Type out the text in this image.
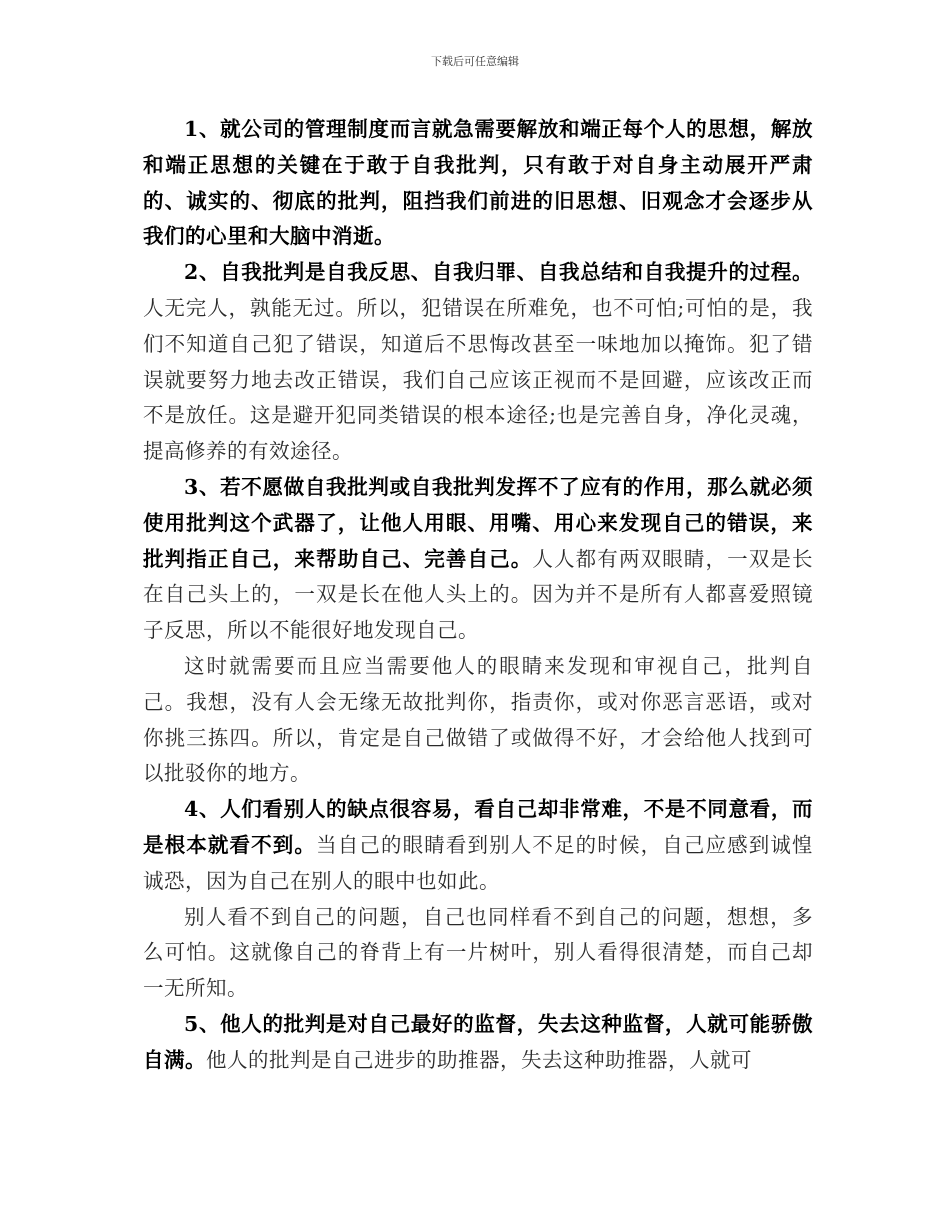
下载后可任意编辑

1、就公司的管理制度而言就急需要解放和端正每个人的思想，解放和端正思想的关键在于敢于自我批判，只有敢于对自身主动展开严肃的、诚实的、彻底的批判，阻挡我们前进的旧思想、旧观念才会逐步从我们的心里和大脑中消逝。

2、自我批判是自我反思、自我归罪、自我总结和自我提升的过程。人无完人，孰能无过。所以，犯错误在所难免，也不可怕;可怕的是，我们不知道自己犯了错误，知道后不思悔改甚至一味地加以掩饰。犯了错误就要努力地去改正错误，我们自己应该正视而不是回避，应该改正而不是放任。这是避开犯同类错误的根本途径;也是完善自身，净化灵魂，提高修养的有效途径。

3、若不愿做自我批判或自我批判发挥不了应有的作用，那么就必须使用批判这个武器了，让他人用眼、用嘴、用心来发现自己的错误，来批判指正自己，来帮助自己、完善自己。人人都有两双眼睛，一双是长在自己头上的，一双是长在他人头上的。因为并不是所有人都喜爱照镜子反思，所以不能很好地发现自己。

这时就需要而且应当需要他人的眼睛来发现和审视自己，批判自己。我想，没有人会无缘无故批判你，指责你，或对你恶言恶语，或对你挑三拣四。所以，肯定是自己做错了或做得不好，才会给他人找到可以批驳你的地方。

4、人们看别人的缺点很容易，看自己却非常难，不是不同意看，而是根本就看不到。当自己的眼睛看到别人不足的时候，自己应感到诚惶诚恐，因为自己在别人的眼中也如此。

别人看不到自己的问题，自己也同样看不到自己的问题，想想，多么可怕。这就像自己的脊背上有一片树叶，别人看得很清楚，而自己却一无所知。

5、他人的批判是对自己最好的监督，失去这种监督，人就可能骄傲自满。他人的批判是自己进步的助推器，失去这种助推器，人就可
